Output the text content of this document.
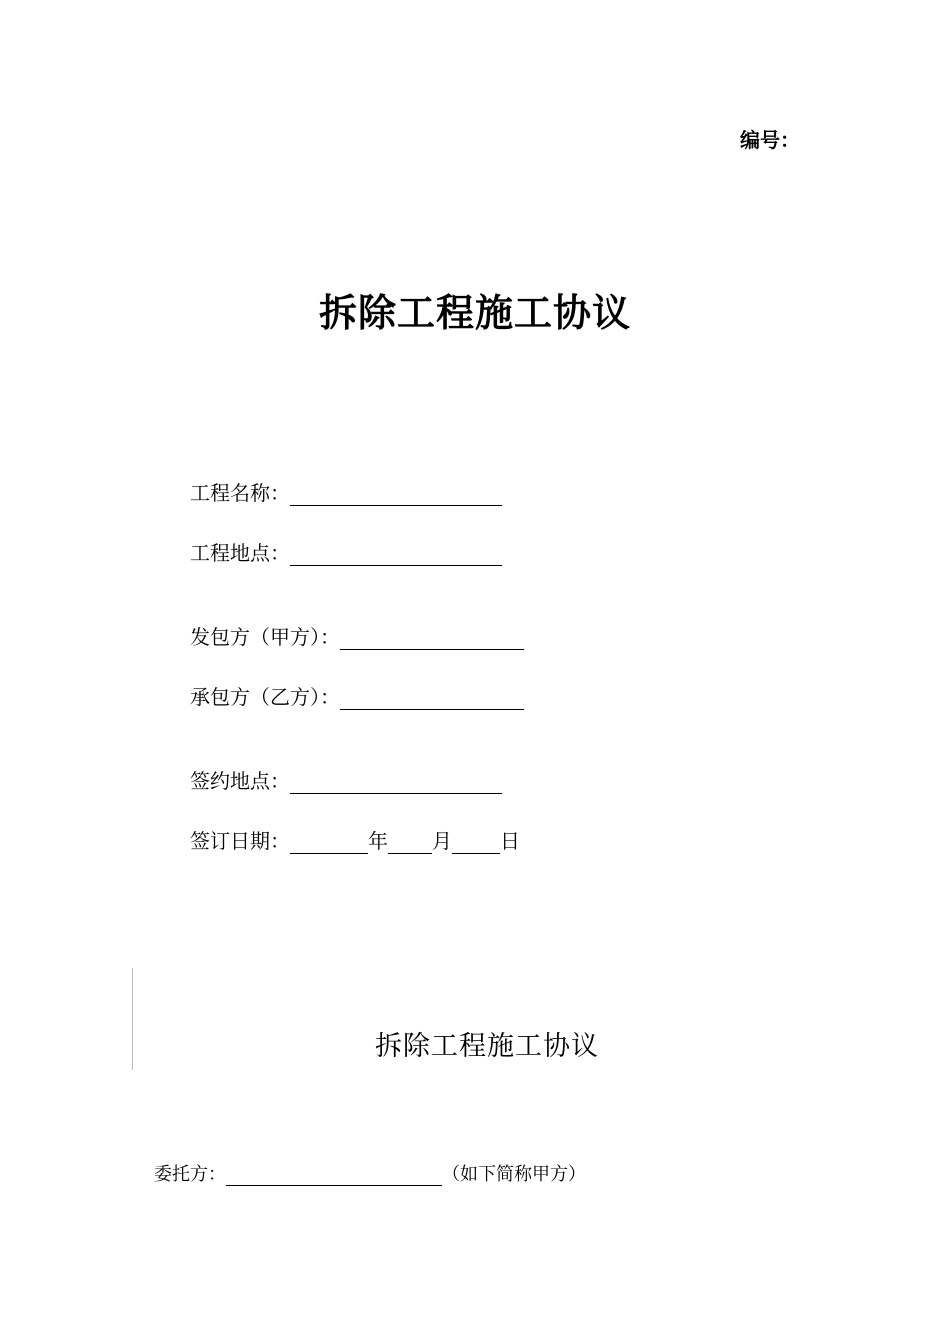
编号：
拆除工程施工协议
工程名称：
工程地点：
发包方（甲方）：
承包方（乙方）：
签约地点：
签订日期：	年 月 日
拆除工程施工协议
委托方：	（如下简称甲方）
